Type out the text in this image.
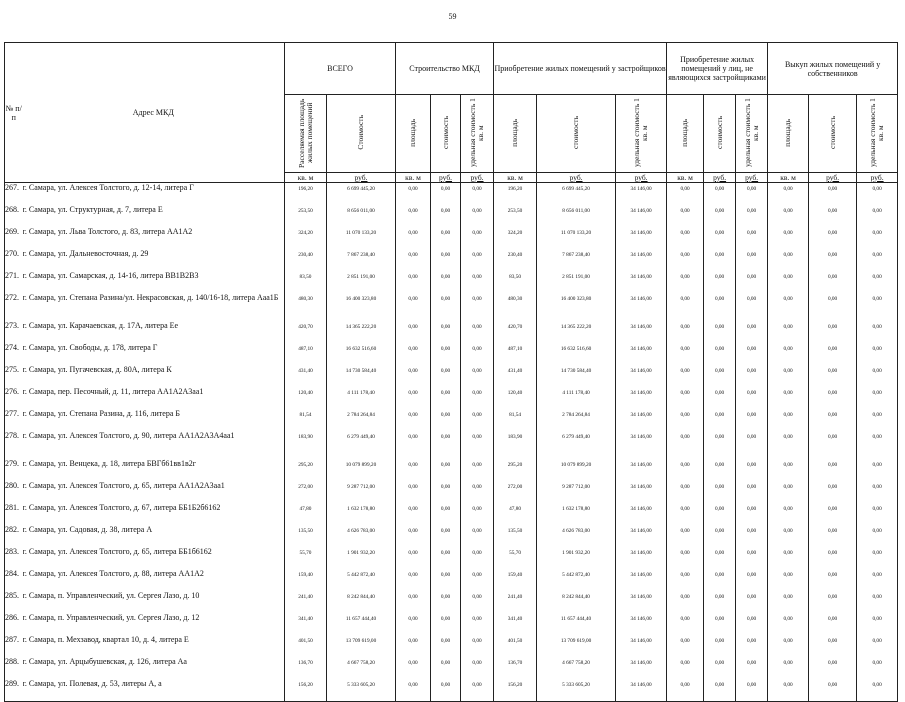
59
№ п/п	Адрес МКД	ВСЕГО		Строительство МКД			Приобретение жилых помещений у застройщиков			Приобретение жилых помещений у лиц, не являющихся застройщиками			Выкуп жилых помещений у собственников		
		Расселяемая площадь жилых помещений	Стоимость	площадь	стоимость	удельная стоимость 1 кв. м	площадь	стоимость	удельная стоимость 1 кв. м	площадь	стоимость	удельная стоимость 1 кв. м	площадь	стоимость	удельная стоимость 1 кв. м
		кв. м	руб.	кв. м	руб.	руб.	кв. м	руб.	руб.	кв. м	руб.	руб.	кв. м	руб.	руб.
267.	г. Самара, ул. Алексея Толстого, д. 12-14, литера Г	196,20	6 699 445,20	0,00	0,00	0,00	196,20	6 699 445,20	34 146,00	0,00	0,00	0,00	0,00	0,00	0,00
268.	г. Самара, ул. Структурная, д. 7, литера Е	253,50	8 656 011,00	0,00	0,00	0,00	253,50	8 656 011,00	34 146,00	0,00	0,00	0,00	0,00	0,00	0,00
269.	г. Самара, ул. Льва Толстого, д. 83, литера АА1А2	324,20	11 070 133,20	0,00	0,00	0,00	324,20	11 070 133,20	34 146,00	0,00	0,00	0,00	0,00	0,00	0,00
270.	г. Самара, ул. Дальневосточная, д. 29	230,40	7 867 238,40	0,00	0,00	0,00	230,40	7 867 238,40	34 146,00	0,00	0,00	0,00	0,00	0,00	0,00
271.	г. Самара, ул. Самарская, д. 14-16, литера ВВ1В2В3	83,50	2 851 191,00	0,00	0,00	0,00	83,50	2 851 191,00	34 146,00	0,00	0,00	0,00	0,00	0,00	0,00
272.	г. Самара, ул. Степана Разина/ул. Некрасовская, д. 140/16-18, литера Ааа1Б	480,30	16 400 323,80	0,00	0,00	0,00	480,30	16 400 323,80	34 146,00	0,00	0,00	0,00	0,00	0,00	0,00
273.	г. Самара, ул. Карачаевская, д. 17А, литера Ее	420,70	14 365 222,20	0,00	0,00	0,00	420,70	14 365 222,20	34 146,00	0,00	0,00	0,00	0,00	0,00	0,00
274.	г. Самара, ул. Свободы, д. 178, литера Г	487,10	16 632 516,60	0,00	0,00	0,00	487,10	16 632 516,60	34 146,00	0,00	0,00	0,00	0,00	0,00	0,00
275.	г. Самара, ул. Пугачевская, д. 80А, литера К	431,40	14 730 584,40	0,00	0,00	0,00	431,40	14 730 584,40	34 146,00	0,00	0,00	0,00	0,00	0,00	0,00
276.	г. Самара, пер. Песочный, д. 11, литера АА1А2А3аа1	120,40	4 111 178,40	0,00	0,00	0,00	120,40	4 111 178,40	34 146,00	0,00	0,00	0,00	0,00	0,00	0,00
277.	г. Самара, ул. Степана Разина, д. 116, литера Б	81,54	2 784 264,84	0,00	0,00	0,00	81,54	2 784 264,84	34 146,00	0,00	0,00	0,00	0,00	0,00	0,00
278.	г. Самара, ул. Алексея Толстого, д. 90, литера АА1А2А3А4аа1	183,90	6 279 449,40	0,00	0,00	0,00	183,90	6 279 449,40	34 146,00	0,00	0,00	0,00	0,00	0,00	0,00
279.	г. Самара, ул. Венцека, д. 18, литера БВГб61вв1в2г	295,20	10 079 899,20	0,00	0,00	0,00	295,20	10 079 899,20	34 146,00	0,00	0,00	0,00	0,00	0,00	0,00
280.	г. Самара, ул. Алексея Толстого, д. 65, литера АА1А2А3аа1	272,00	9 287 712,00	0,00	0,00	0,00	272,00	9 287 712,00	34 146,00	0,00	0,00	0,00	0,00	0,00	0,00
281.	г. Самара, ул. Алексея Толстого, д. 67, литера ББ1Б2б6162	47,80	1 632 178,80	0,00	0,00	0,00	47,80	1 632 178,80	34 146,00	0,00	0,00	0,00	0,00	0,00	0,00
282.	г. Самара, ул. Садовая, д. 38, литера А	135,50	4 626 783,00	0,00	0,00	0,00	135,50	4 626 783,00	34 146,00	0,00	0,00	0,00	0,00	0,00	0,00
283.	г. Самара, ул. Алексея Толстого, д. 65, литера ББ1б6162	55,70	1 901 932,20	0,00	0,00	0,00	55,70	1 901 932,20	34 146,00	0,00	0,00	0,00	0,00	0,00	0,00
284.	г. Самара, ул. Алексея Толстого, д. 88, литера АА1А2	159,40	5 442 872,40	0,00	0,00	0,00	159,40	5 442 872,40	34 146,00	0,00	0,00	0,00	0,00	0,00	0,00
285.	г. Самара, п. Управленческий, ул. Сергея Лазо, д. 10	241,40	8 242 844,40	0,00	0,00	0,00	241,40	8 242 844,40	34 146,00	0,00	0,00	0,00	0,00	0,00	0,00
286.	г. Самара, п. Управленческий, ул. Сергея Лазо, д. 12	341,40	11 657 444,40	0,00	0,00	0,00	341,40	11 657 444,40	34 146,00	0,00	0,00	0,00	0,00	0,00	0,00
287.	г. Самара, п. Мехзавод, квартал 10, д. 4, литера Е	401,50	13 709 619,00	0,00	0,00	0,00	401,50	13 709 619,00	34 146,00	0,00	0,00	0,00	0,00	0,00	0,00
288.	г. Самара, ул. Арцыбушевская, д. 126, литера Аа	136,70	4 667 758,20	0,00	0,00	0,00	136,70	4 667 758,20	34 146,00	0,00	0,00	0,00	0,00	0,00	0,00
289.	г. Самара, ул. Полевая, д. 53, литеры А, а	156,20	5 333 605,20	0,00	0,00	0,00	156,20	5 333 605,20	34 146,00	0,00	0,00	0,00	0,00	0,00	0,00
